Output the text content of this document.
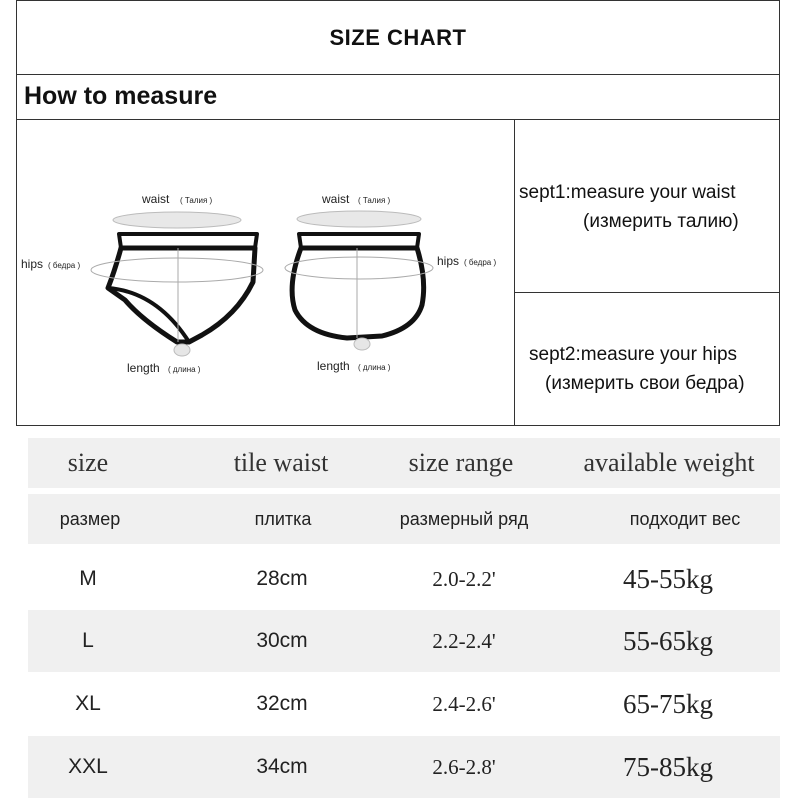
SIZE CHART
How to measure
waist ( Талия )
hips ( бедра )
length ( длина )
waist ( Талия )
hips ( бедра )
length ( длина )
sept1:measure your waist
(измерить талию)
sept2:measure your hips
(измерить свои бедра)
size	tile waist	size range	available weight
размер	плитка	размерный ряд	подходит вес
M	28cm	2.0-2.2'	45-55kg
L	30cm	2.2-2.4'	55-65kg
XL	32cm	2.4-2.6'	65-75kg
XXL	34cm	2.6-2.8'	75-85kg
